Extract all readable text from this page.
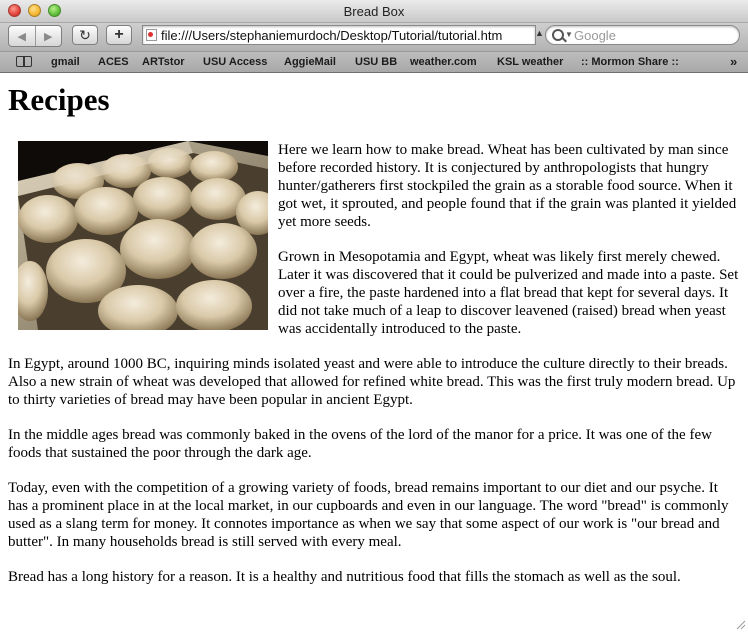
Bread Box
◀ ▶ ↻ +
file:///Users/stephaniemurdoch/Desktop/Tutorial/tutorial.htm	▲	▼
Google
gmail ACES ARTstor USU Access AggieMail USU BB weather.com KSL weather :: Mormon Share ::	»
Recipes

Here we learn how to make bread. Wheat has been cultivated by man since before recorded history. It is conjectured by anthropologists that hungry hunter/gatherers first stockpiled the grain as a storable food source. When it got wet, it sprouted, and people found that if the grain was planted it yielded yet more seeds.

Grown in Mesopotamia and Egypt, wheat was likely first merely chewed. Later it was discovered that it could be pulverized and made into a paste. Set over a fire, the paste hardened into a flat bread that kept for several days. It did not take much of a leap to discover leavened (raised) bread when yeast was accidentally introduced to the paste.

In Egypt, around 1000 BC, inquiring minds isolated yeast and were able to introduce the culture directly to their breads. Also a new strain of wheat was developed that allowed for refined white bread. This was the first truly modern bread. Up to thirty varieties of bread may have been popular in ancient Egypt.

In the middle ages bread was commonly baked in the ovens of the lord of the manor for a price. It was one of the few foods that sustained the poor through the dark age.

Today, even with the competition of a growing variety of foods, bread remains important to our diet and our psyche. It has a prominent place in at the local market, in our cupboards and even in our language. The word "bread" is commonly used as a slang term for money. It connotes importance as when we say that some aspect of our work is "our bread and butter". In many households bread is still served with every meal.

Bread has a long history for a reason. It is a healthy and nutritious food that fills the stomach as well as the soul.
